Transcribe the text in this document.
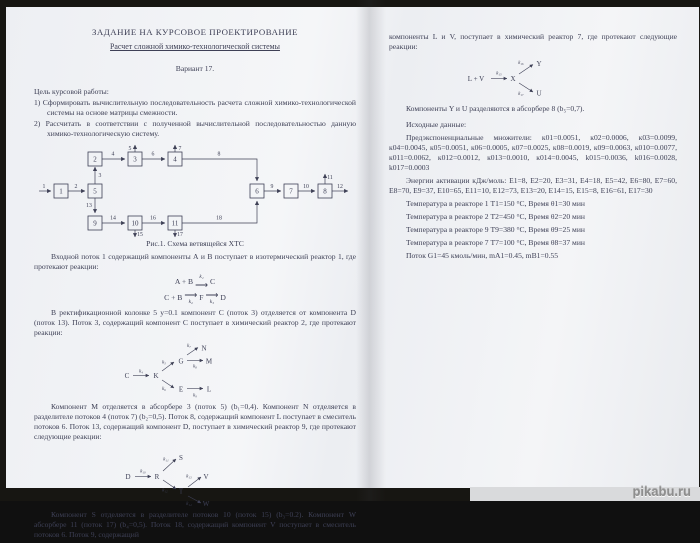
ЗАДАНИЕ НА КУРСОВОЕ ПРОЕКТИРОВАНИЕ
Расчет сложной химико-технологической системы
Вариант 17.
Цель курсовой работы:
1) Сформировать вычислительную последовательность расчета сложной химико-технологической системы на основе матрицы смежности.
2) Рассчитать в соответствии с полученной вычислительной последовательностью данную химико-технологическую систему.
1
2	3	4
5	6	7	8
9	10	11
1	2
3
4
5
6
7
8
9	10
11
12
13
14
15
16
17
18
Рис.1. Схема ветвящейся ХТС

Входной поток 1 содержащий компоненты А и В поступает в изотермический реактор 1, где протекают реакции:

A + B k₁
⟶ C
C + B
k₂
⟶ F
k₃
⟶ D

В ректификационной колонке 5 y=0.1 компонент С (поток 3) отделяется от компонента D (поток 13). Поток 3, содержащий компонент С поступает в химический реактор 2, где протекают реакции:

C	K
G
N
M
E	L
k₄
k₅
k₇
k₈
k₆
k₉

Компонент M отделяется в абсорбере 3 (поток 5) (b₁=0,4). Компонент N отделяется в разделителе потоков 4 (поток 7) (b₂=0,5). Поток 8, содержащий компонент L поступает в смеситель потоков 6. Поток 13, содержащий компонент D, поступает в химический реактор 9, где протекают следующие реакции:

D	R
S
T
V
W
k₁₀
k₁₁
k₁₂
k₁₃
k₁₄

Компонент S отделяется в разделителе потоков 10 (поток 15) (b₃=0.2). Компонент W абсорбере 11 (поток 17) (b₄=0,5). Поток 18, содержащий компонент V поступает в смеситель потоков 6. Поток 9, содержащий

компоненты L и V, поступает в химический реактор 7, где протекают следующие реакции:

L + V	X
Y
U
k₁₅
k₁₆
k₁₇

Компоненты Y и U разделяются в абсорбере 8 (b₅=0,7).

Исходные данные:

Предэкспоненциальные множители: к01=0.0051, к02=0.0006, к03=0.0099, к04=0.0045, к05=0.0051, к06=0.0005, к07=0.0025, к08=0.0019, к09=0.0063, к010=0.0077, к011=0.0062, к012=0.0012, к013=0.0010, к014=0.0045, k015=0.0036, k016=0.0028, k017=0.0003

Энергии активации кДж/моль: E1=8, E2=20, E3=31, E4=18, E5=42, E6=80, E7=60, E8=70, E9=37, E10=65, E11=10, E12=73, E13=20, E14=15, E15=8, E16=61, E17=30

Температура в реакторе 1 T1=150 °C, Время θ1=30 мин
Температура в реакторе 2 T2=450 °C, Время θ2=20 мин
Температура в реакторе 9 T9=380 °C, Время θ9=25 мин
Температура в реакторе 7 T7=100 °C, Время θ8=37 мин
Поток G1=45 кмоль/мин, mA1=0.45, mB1=0.55
pikabu.ru
